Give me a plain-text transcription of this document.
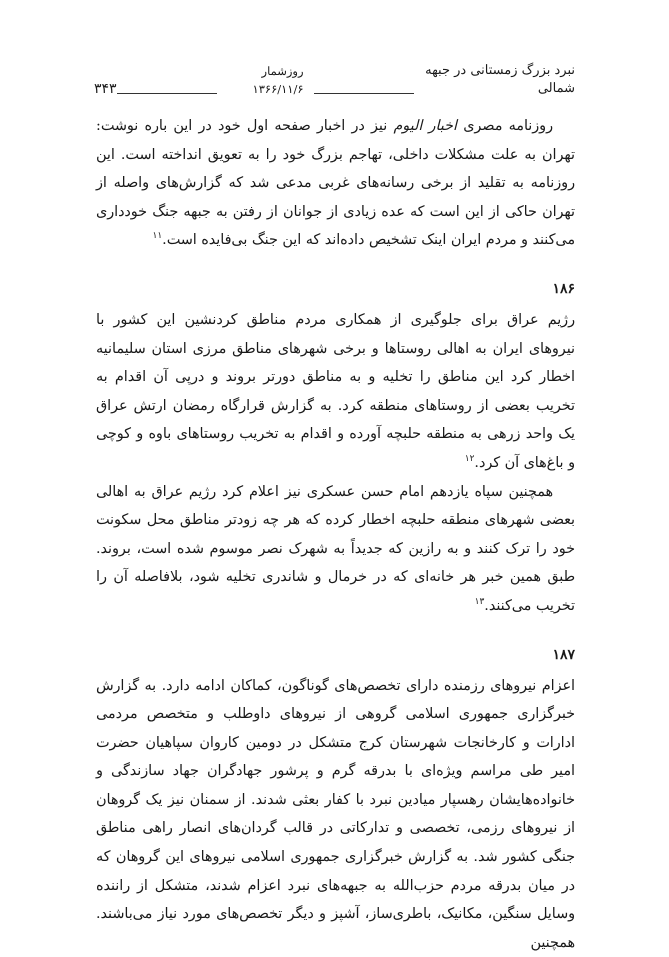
نبرد بزرگ زمستانی در جبهه شمالی
روزشمار ۱۳۶۶/۱۱/۶
۳۴۳

روزنامه مصری اخبار الیوم نیز در اخبار صفحه اول خود در این باره نوشت: تهران به علت مشکلات داخلی، تهاجم بزرگ خود را به تعویق انداخته است. این روزنامه به تقلید از برخی رسانه‌های غربی مدعی شد که گزارش‌های واصله از تهران حاکی از این است که عده زیادی از جوانان از رفتن به جبهه جنگ خودداری می‌کنند و مردم ایران اینک تشخیص داده‌اند که این جنگ بی‌فایده است.$^{۱۱}$

۱۸۶

رژیم عراق برای جلوگیری از همکاری مردم مناطق کردنشین این کشور با نیروهای ایران به اهالی روستاها و برخی شهرهای مناطق مرزی استان سلیمانیه اخطار کرد این مناطق را تخلیه و به مناطق دورتر بروند و درپی آن اقدام به تخریب بعضی از روستاهای منطقه کرد. به گزارش قرارگاه رمضان ارتش عراق یک واحد زرهی به منطقه حلبچه آورده و اقدام به تخریب روستاهای باوه و کوچی و باغ‌های آن کرد.$^{۱۲}$

همچنین سپاه یازدهم امام حسن عسکری نیز اعلام کرد رژیم عراق به اهالی بعضی شهرهای منطقه حلبچه اخطار کرده که هر چه زودتر مناطق محل سکونت خود را ترک کنند و به رازین که جدیداً به شهرک نصر موسوم شده است، بروند. طبق همین خبر هر خانه‌ای که در خرمال و شاندری تخلیه شود، بلافاصله آن را تخریب می‌کنند.$^{۱۳}$

۱۸۷

اعزام نیروهای رزمنده دارای تخصص‌های گوناگون، کماکان ادامه دارد. به گزارش خبرگزاری جمهوری اسلامی گروهی از نیروهای داوطلب و متخصص مردمی ادارات و کارخانجات شهرستان کرج متشکل در دومین کاروان سپاهیان حضرت امیر طی مراسم ویژه‌ای با بدرقه گرم و پرشور جهادگران جهاد سازندگی و خانواده‌هایشان رهسپار میادین نبرد با کفار بعثی شدند. از سمنان نیز یک گروهان از نیروهای رزمی، تخصصی و تدارکاتی در قالب گردان‌های انصار راهی مناطق جنگی کشور شد. به گزارش خبرگزاری جمهوری اسلامی نیروهای این گروهان که در میان بدرقه مردم حزب‌الله به جبهه‌های نبرد اعزام شدند، متشکل از راننده وسایل سنگین، مکانیک، باطری‌ساز، آشپز و دیگر تخصص‌های مورد نیاز می‌باشند. همچنین
